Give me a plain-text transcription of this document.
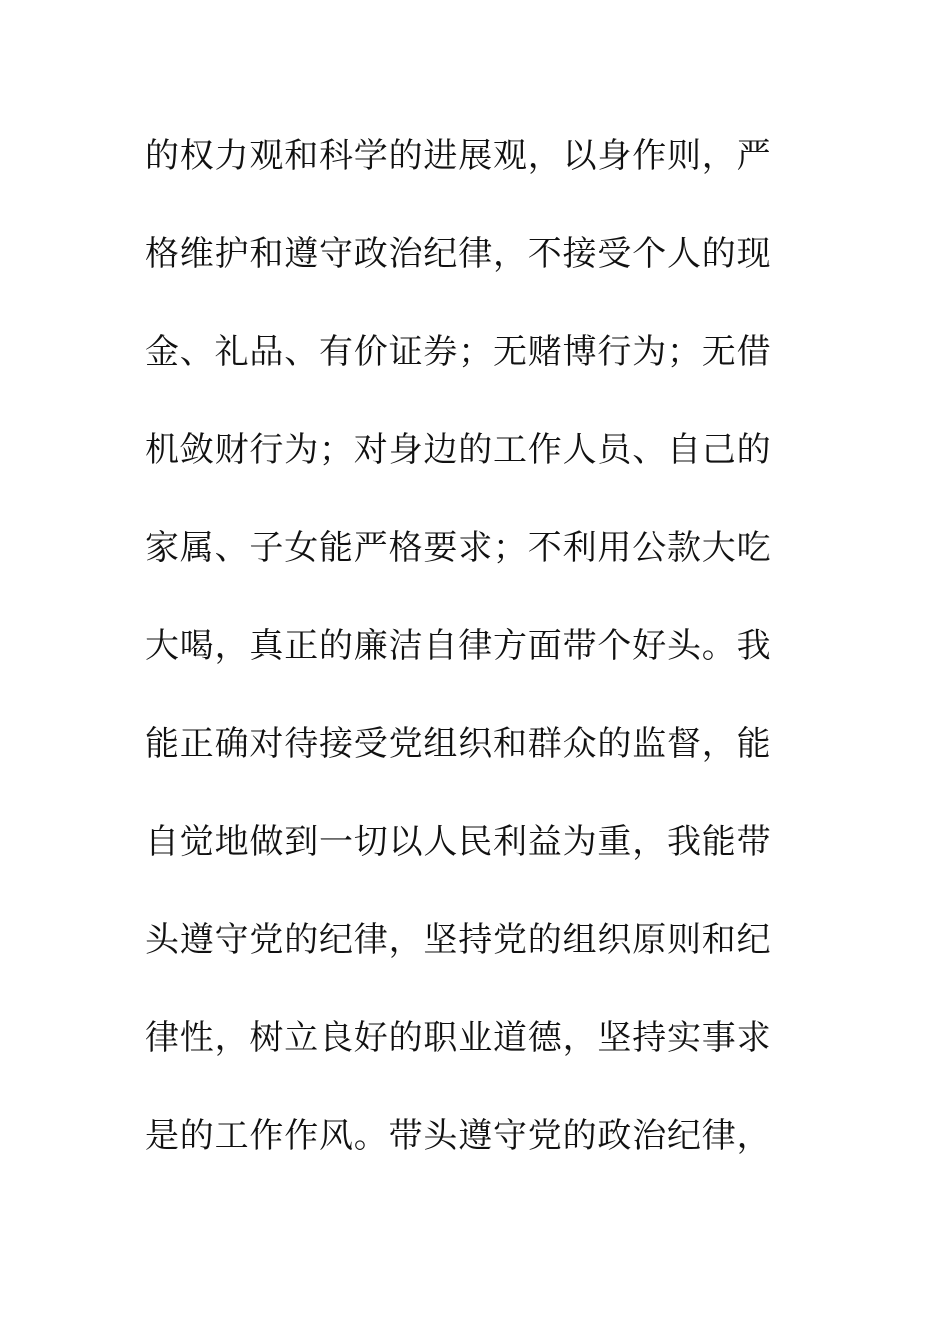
的权力观和科学的进展观，以身作则，严
格维护和遵守政治纪律，不接受个人的现
金、礼品、有价证券；无赌博行为；无借
机敛财行为；对身边的工作人员、自己的
家属、子女能严格要求；不利用公款大吃
大喝，真正的廉洁自律方面带个好头。我
能正确对待接受党组织和群众的监督，能
自觉地做到一切以人民利益为重，我能带
头遵守党的纪律，坚持党的组织原则和纪
律性，树立良好的职业道德，坚持实事求
是的工作作风。带头遵守党的政治纪律，
